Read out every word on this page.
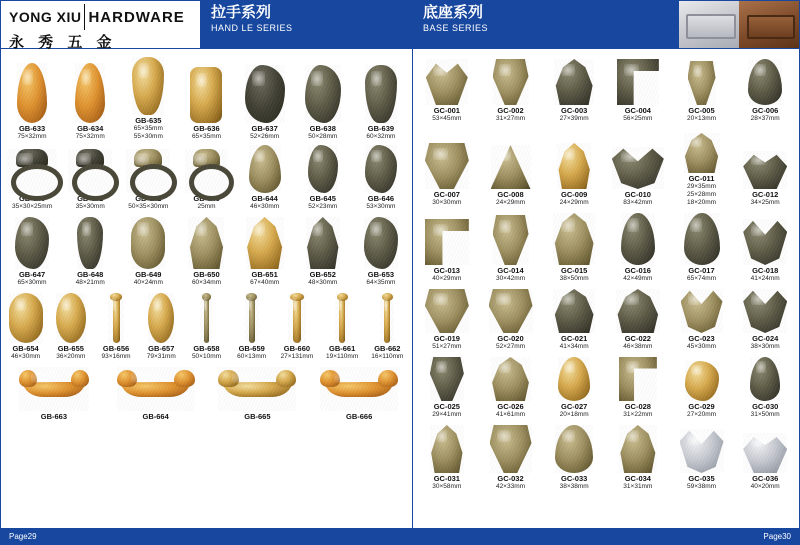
YONG XIU HARDWARE
永 秀 五 金
拉手系列
HAND LE SERIES
GB-633
75×32mm
GB-634
75×32mm
GB-635
65×35mm
55×30mm
GB-636
65×35mm
GB-637
52×26mm
GB-638
50×28mm
GB-639
60×32mm
GB-640
35×30×25mm
GB-641
35×30mm
GB-642
50×35×30mm
GB-643
25mm
GB-644
46×30mm
GB-645
52×23mm
GB-646
53×30mm
GB-647
65×30mm
GB-648
48×21mm
GB-649
40×24mm
GB-650
60×34mm
GB-651
67×40mm
GB-652
48×30mm
GB-653
64×35mm
GB-654
46×30mm
GB-655
36×20mm
GB-656
93×16mm
GB-657
79×31mm
GB-658
50×10mm
GB-659
60×13mm
GB-660
27×131mm
GB-661
19×110mm
GB-662
16×110mm
GB-663	GB-664	GB-665	GB-666
Page29
底座系列
BASE SERIES
GC-001
53×45mm
GC-002
31×27mm
GC-003
27×39mm
GC-004
56×25mm
GC-005
20×13mm
GC-006
28×37mm
GC-007
30×30mm
GC-008
24×29mm
GC-009
24×29mm
GC-010
83×42mm
GC-011
29×35mm
25×28mm
18×20mm
GC-012
34×25mm
GC-013
40×29mm
GC-014
30×42mm
GC-015
38×50mm
GC-016
42×49mm
GC-017
65×74mm
GC-018
41×24mm
GC-019
51×27mm
GC-020
52×27mm
GC-021
41×34mm
GC-022
46×38mm
GC-023
45×30mm
GC-024
38×30mm
GC-025
29×41mm
GC-026
41×61mm
GC-027
20×18mm
GC-028
31×22mm
GC-029
27×20mm
GC-030
31×50mm
GC-031
30×58mm
GC-032
42×33mm
GC-033
38×38mm
GC-034
31×31mm
GC-035
59×38mm
GC-036
40×20mm
Page30
